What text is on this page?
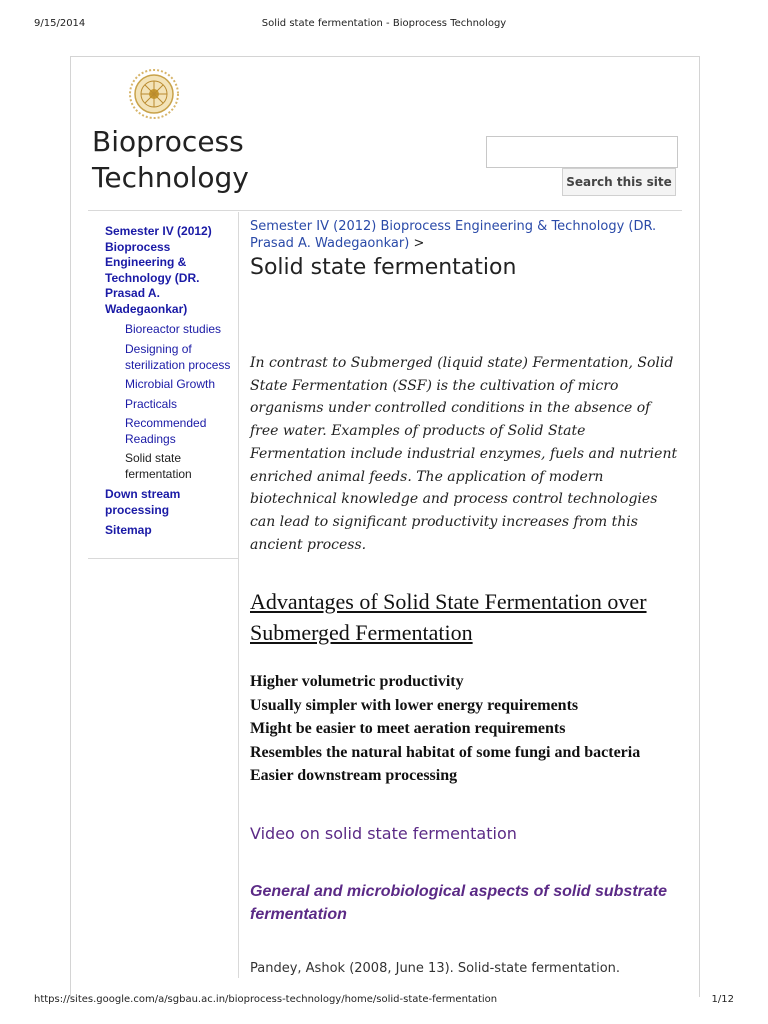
9/15/2014	Solid state fermentation - Bioprocess Technology
Bioprocess
Technology	Search this site
Semester IV (2012) Bioprocess Engineering & Technology (DR. Prasad A. Wadegaonkar)
Bioreactor studies
Designing of sterilization process
Microbial Growth
Practicals
Recommended Readings
Solid state fermentation
Down stream processing
Sitemap
Semester IV (2012) Bioprocess Engineering & Technology (DR. Prasad A. Wadegaonkar) >
Solid state fermentation
In contrast to Submerged (liquid state) Fermentation, Solid State Fermentation (SSF) is the cultivation of micro organisms under controlled conditions in the absence of free water. Examples of products of Solid State Fermentation include industrial enzymes, fuels and nutrient enriched animal feeds. The application of modern biotechnical knowledge and process control technologies can lead to significant productivity increases from this ancient process.
Advantages of Solid State Fermentation over Submerged Fermentation
Higher volumetric productivity
Usually simpler with lower energy requirements
Might be easier to meet aeration requirements
Resembles the natural habitat of some fungi and bacteria
Easier downstream processing
Video on solid state fermentation
General and microbiological aspects of solid substrate fermentation
Pandey, Ashok (2008, June 13). Solid-state fermentation.
https://sites.google.com/a/sgbau.ac.in/bioprocess-technology/home/solid-state-fermentation	1/12
